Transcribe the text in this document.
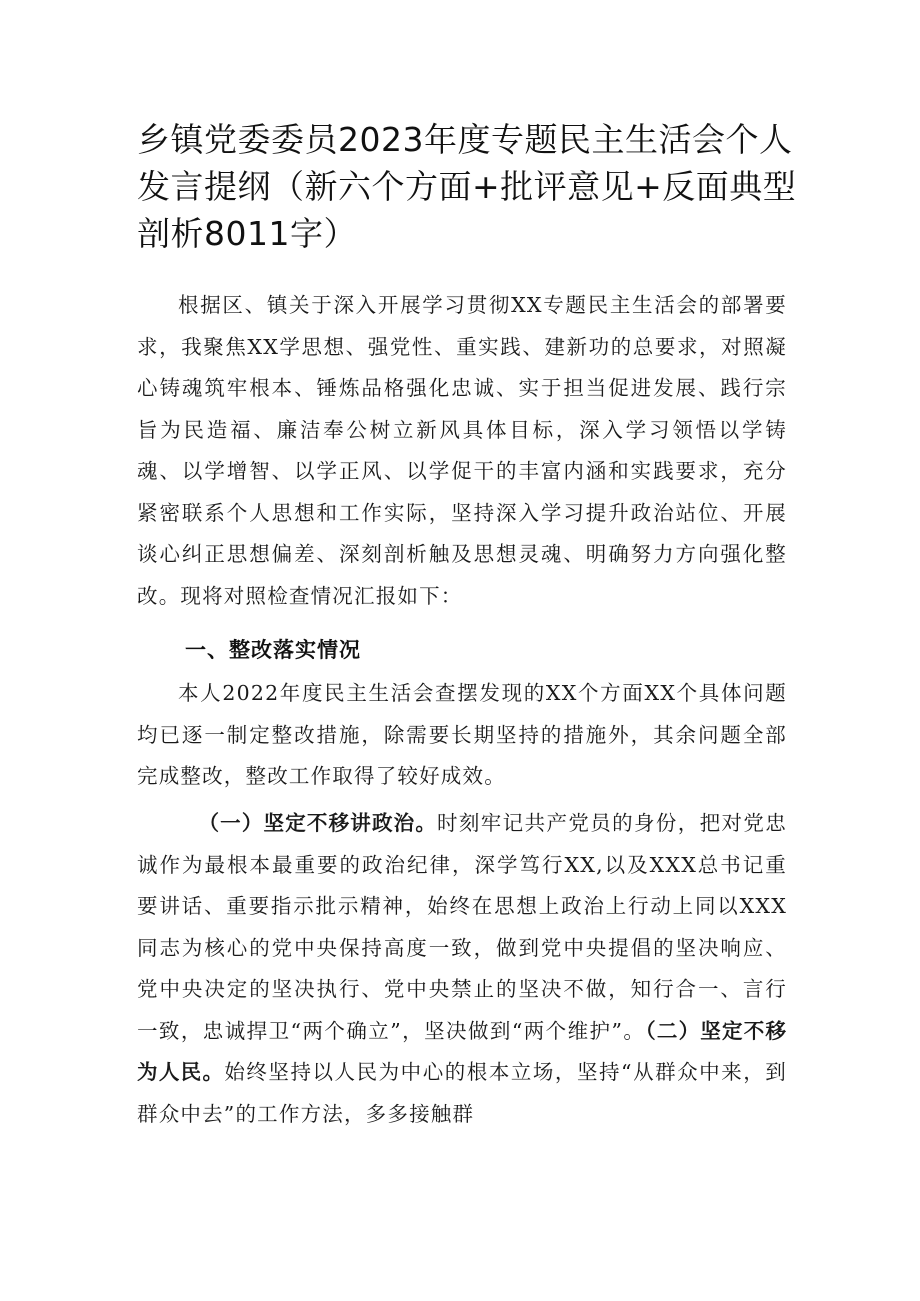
乡镇党委委员2023年度专题民主生活会个人发言提纲（新六个方面+批评意见+反面典型剖析8011字）

根据区、镇关于深入开展学习贯彻XX专题民主生活会的部署要求，我聚焦XX学思想、强党性、重实践、建新功的总要求，对照凝心铸魂筑牢根本、锤炼品格强化忠诚、实于担当促进发展、践行宗旨为民造福、廉洁奉公树立新风具体目标，深入学习领悟以学铸魂、以学增智、以学正风、以学促干的丰富内涵和实践要求，充分紧密联系个人思想和工作实际，坚持深入学习提升政治站位、开展谈心纠正思想偏差、深刻剖析触及思想灵魂、明确努力方向强化整改。现将对照检查情况汇报如下：

一、整改落实情况

本人2022年度民主生活会查摆发现的XX个方面XX个具体问题均已逐一制定整改措施，除需要长期坚持的措施外，其余问题全部完成整改，整改工作取得了较好成效。

（一）坚定不移讲政治。时刻牢记共产党员的身份，把对党忠诚作为最根本最重要的政治纪律，深学笃行XX,以及XXX总书记重要讲话、重要指示批示精神，始终在思想上政治上行动上同以XXX同志为核心的党中央保持高度一致，做到党中央提倡的坚决响应、党中央决定的坚决执行、党中央禁止的坚决不做，知行合一、言行一致，忠诚捍卫“两个确立”，坚决做到“两个维护”。（二）坚定不移为人民。始终坚持以人民为中心的根本立场，坚持“从群众中来，到群众中去”的工作方法，多多接触群
